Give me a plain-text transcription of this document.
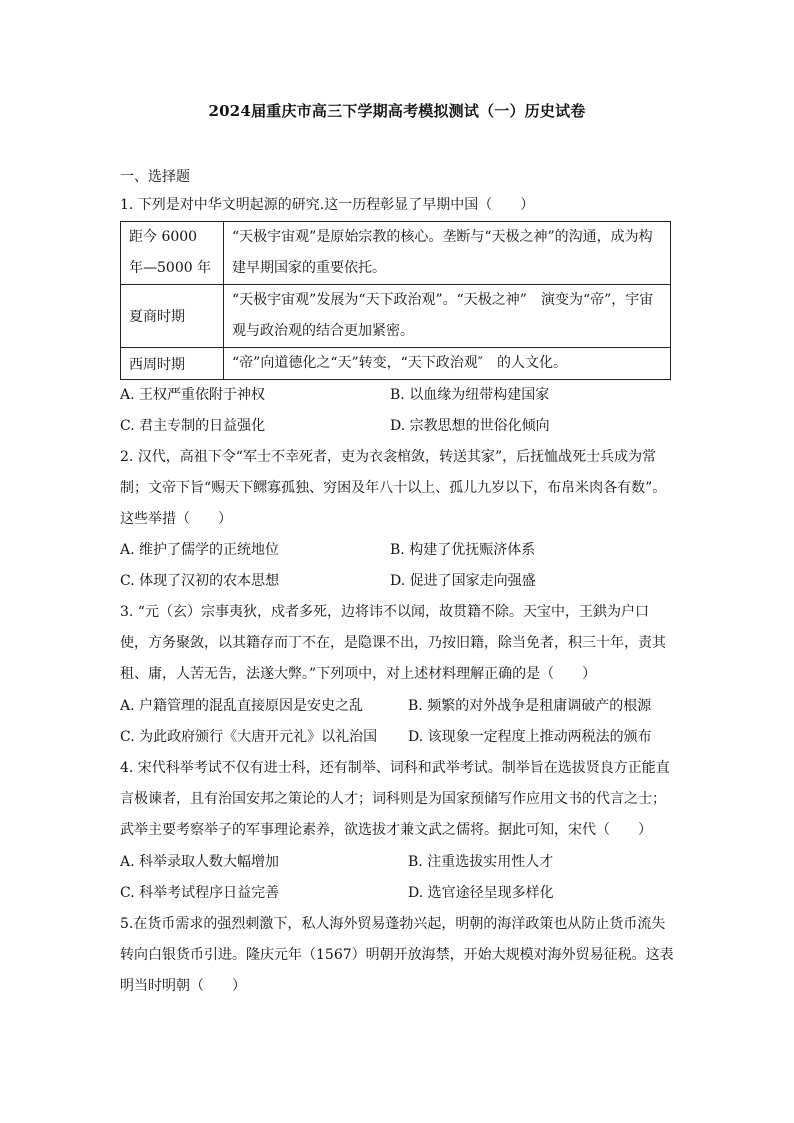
2024届重庆市高三下学期高考模拟测试（一）历史试卷
一、选择题
1. 下列是对中华文明起源的研究.这一历程彰显了早期中国（　　）
距今 6000 年—5000 年	“天极宇宙观”是原始宗教的核心。垄断与“天极之神”的沟通，成为构建早期国家的重要依托。
夏商时期	“天极宇宙观”发展为“天下政治观”。“天极之神”　演变为“帝”，宇宙观与政治观的结合更加紧密。
西周时期	“帝”向道德化之“天”转变，“天下政治观″　的人文化。
A. 王权严重依附于神权	B. 以血缘为纽带构建国家
C. 君主专制的日益强化	D. 宗教思想的世俗化倾向
2. 汉代，高祖下令“军士不幸死者，吏为衣衾棺敛，转送其家”，后抚恤战死士兵成为常制；文帝下旨“赐天下鳏寡孤独、穷困及年八十以上、孤儿九岁以下，布帛米肉各有数”。这些举措（　　）
A. 维护了儒学的正统地位	B. 构建了优抚赈济体系
C. 体现了汉初的农本思想	D. 促进了国家走向强盛
3. “元（玄）宗事夷狄，戍者多死，边将讳不以闻，故贯籍不除。天宝中，王鉷为户口使，方务聚敛，以其籍存而丁不在，是隐课不出，乃按旧籍，除当免者，积三十年，责其租、庸，人苦无告，法遂大弊。”下列项中，对上述材料理解正确的是（　　）
A. 户籍管理的混乱直接原因是安史之乱	B. 频繁的对外战争是租庸调破产的根源
C. 为此政府颁行《大唐开元礼》以礼治国 D. 该现象一定程度上推动两税法的颁布
4. 宋代科举考试不仅有进士科，还有制举、词科和武举考试。制举旨在选拔贤良方正能直言极谏者，且有治国安邦之策论的人才；词科则是为国家预储写作应用文书的代言之士；武举主要考察举子的军事理论素养，欲选拔才兼文武之儒将。据此可知，宋代（　　）
A. 科举录取人数大幅增加	B. 注重选拔实用性人才
C. 科举考试程序日益完善	D. 选官途径呈现多样化
5.在货币需求的强烈刺激下，私人海外贸易蓬勃兴起，明朝的海洋政策也从防止货币流失转向白银货币引进。隆庆元年（1567）明朝开放海禁，开始大规模对海外贸易征税。这表明当时明朝（　　）
